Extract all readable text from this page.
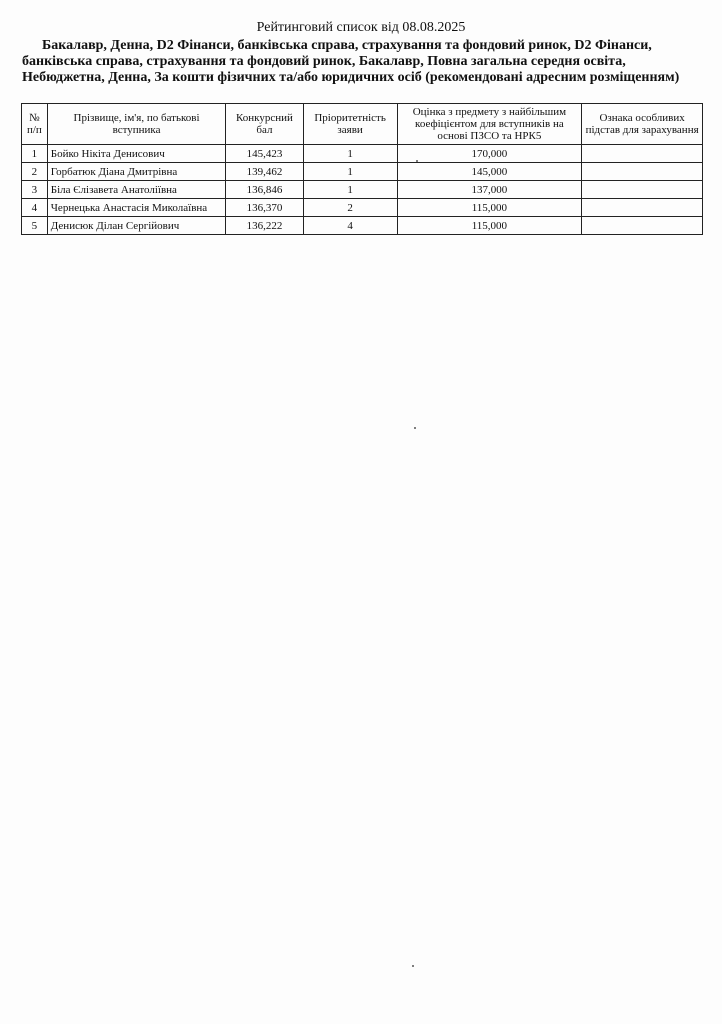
Рейтинговий список від 08.08.2025
Бакалавр, Денна, D2 Фінанси, банківська справа, страхування та фондовий ринок, D2 Фінанси, банківська справа, страхування та фондовий ринок, Бакалавр, Повна загальна середня освіта, Небюджетна, Денна, За кошти фізичних та/або юридичних осіб (рекомендовані адресним розміщенням)
№ п/п	Прізвище, ім'я, по батькові вступника	Конкурсний бал	Пріоритетність заяви	Оцінка з предмету з найбільшим коефіцієнтом для вступників на основі ПЗСО та НРК5	Ознака особливих підстав для зарахування
1	Бойко Нікіта Денисович	145,423	1	170,000	
2	Горбатюк Діана Дмитрівна	139,462	1	145,000	
3	Біла Єлізавета Анатоліївна	136,846	1	137,000	
4	Чернецька Анастасія Миколаївна	136,370	2	115,000	
5	Денисюк Ділан Сергійович	136,222	4	115,000	
